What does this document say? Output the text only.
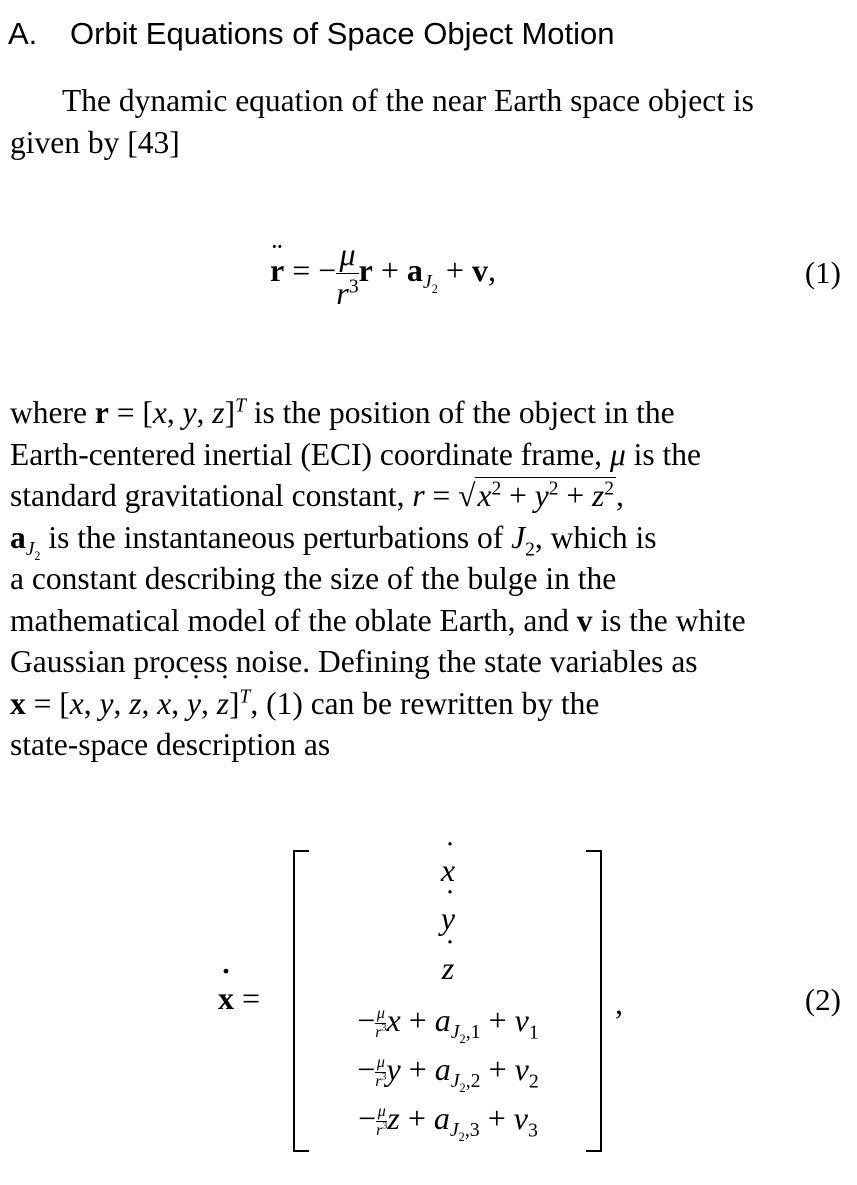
A. Orbit Equations of Space Object Motion

The dynamic equation of the near Earth space object is

given by [43]

r ¨ = − $\frac{\mu}{r^3}$ $r + a_{J_2} + v$,	(1)

where r = [x, y, z]$^T$ is the position of the object in the

Earth-centered inertial (ECI) coordinate frame, μ is the

standard gravitational constant, $r = √x^2 + y^2 + z^2$,

$a_{J_2}$ is the instantaneous perturbations of $J_2$, which is

a constant describing the size of the bulge in the

mathematical model of the oblate Earth, and v is the white

Gaussian process noise. Defining the state variables as

x = [x, y, z, x ˙, y ˙, z ˙]$^T$, (1) can be rewritten by the

state-space description as

x ˙ =
x ˙
y ˙
z ˙
− $\frac{\mu}{r^3}$ $x + a_{J_2,1} + v_1$
− $\frac{\mu}{r^3}$ $y + a_{J_2,2} + v_2$
− $\frac{\mu}{r^3}$ $z + a_{J_2,3} + v_3$
,	(2)
